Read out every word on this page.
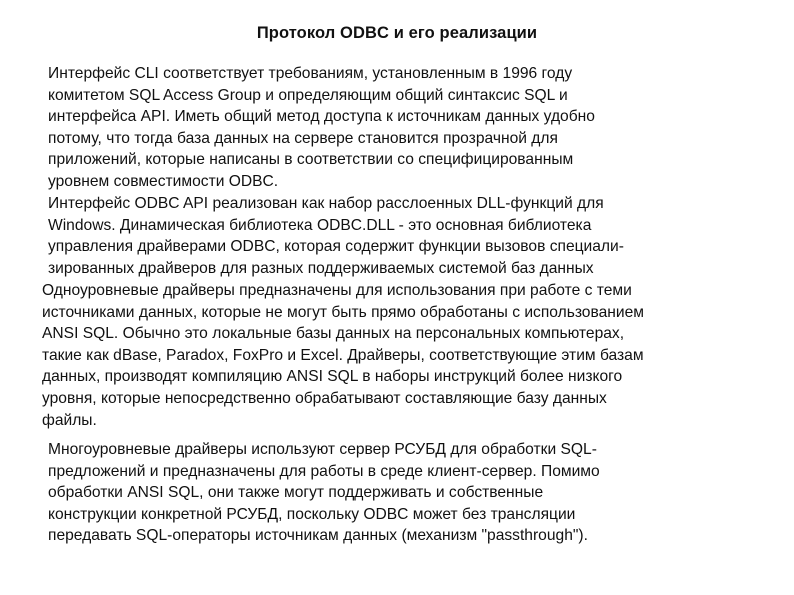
Протокол ODBC и его реализации
Интерфейс CLI соответствует требованиям, установленным в 1996 году
комитетом SQL Access Group и определяющим общий синтаксис SQL и
интерфейса API. Иметь общий метод доступа к источникам данных удобно
потому, что тогда база данных на сервере становится прозрачной для
приложений, которые написаны в соответствии со специфицированным
уровнем совместимости ODBC.
Интерфейс ODBC API реализован как набор расслоенных DLL-функций для
Windows. Динамическая библиотека ODBC.DLL - это основная библиотека
управления драйверами ODBC, которая содержит функции вызовов специали-
зированных драйверов для разных поддерживаемых системой баз данных
Одноуровневые драйверы предназначены для использования при работе с теми
источниками данных, которые не могут быть прямо обработаны с использованием
ANSI SQL. Обычно это локальные базы данных на персональных компьютерах,
такие как dBase, Paradox, FoxPro и Excel. Драйверы, соответствующие этим базам
данных, производят компиляцию ANSI SQL в наборы инструкций более низкого
уровня, которые непосредственно обрабатывают составляющие базу данных
файлы.
Многоуровневые драйверы используют сервер РСУБД для обработки SQL-
предложений и предназначены для работы в среде клиент-сервер. Помимо
обработки ANSI SQL, они также могут поддерживать и собственные
конструкции конкретной РСУБД, поскольку ODBC может без трансляции
передавать SQL-операторы источникам данных (механизм "passthrough").
